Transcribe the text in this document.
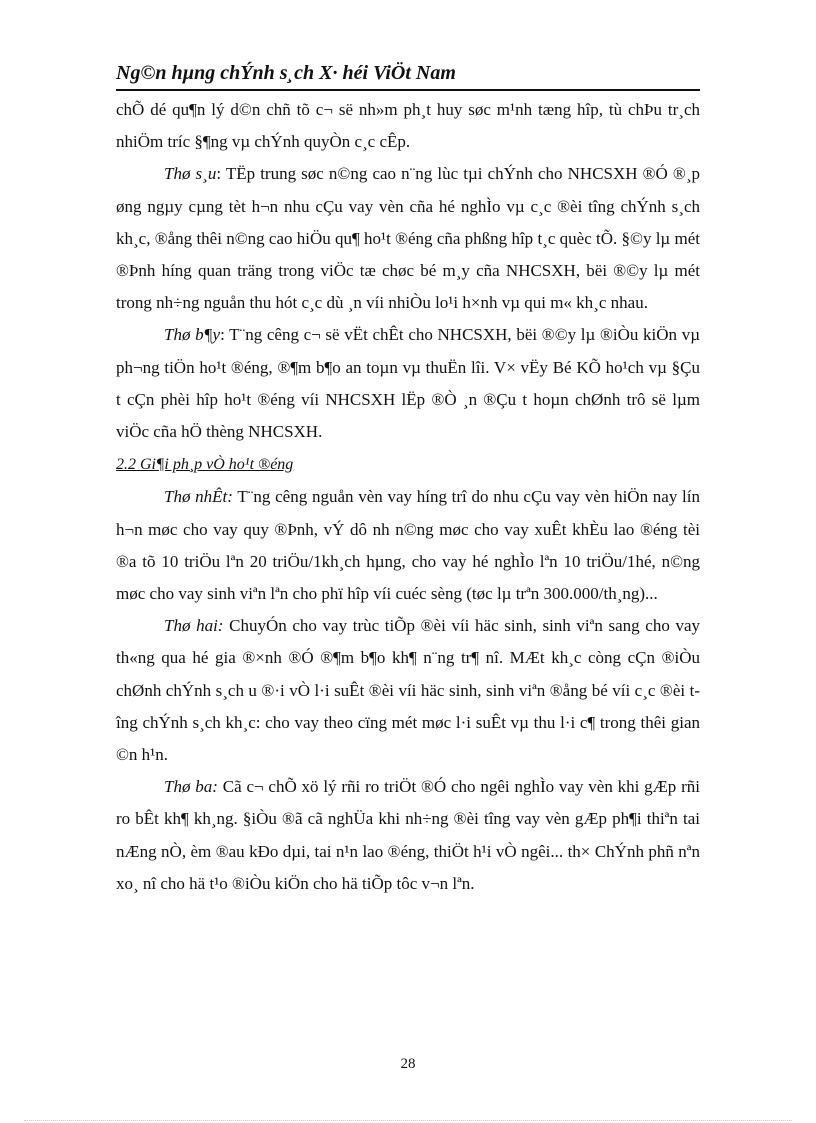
Ng©n hµng chÝnh s¸ch X· héi ViÖt Nam

chÕ dé qu¶n lý d©n chñ tõ c¬ së nh»m ph¸t huy søc m¹nh tæng hîp, tù chÞu tr¸ch nhiÖm tríc §¶ng vµ chÝnh quyÒn c¸c cÊp.

Thø s¸u: TËp trung søc n©ng cao n¨ng lùc tµi chÝnh cho NHCSXH ®Ó ®¸p øng ngµy cµng tèt h¬n nhu cÇu vay vèn cña hé nghÌo vµ c¸c ®èi tîng chÝnh s¸ch kh¸c, ®ång thêi n©ng cao hiÖu qu¶ ho¹t ®éng cña phßng hîp t¸c quèc tÕ. §©y lµ mét ®Þnh híng quan träng trong viÖc tæ chøc bé m¸y cña NHCSXH, bëi ®©y lµ mét trong nh÷ng nguån thu hót c¸c dù ¸n víi nhiÒu lo¹i h×nh vµ qui m« kh¸c nhau.

Thø b¶y: T¨ng cêng c¬ së vËt chÊt cho NHCSXH, bëi ®©y lµ ®iÒu kiÖn vµ ph¬ng tiÖn ho¹t ®éng, ®¶m b¶o an toµn vµ thuËn lîi. V× vËy Bé KÕ ho¹ch vµ §Çu t cÇn phèi hîp ho¹t ®éng víi NHCSXH lËp ®Ò ¸n ®Çu t hoµn chØnh trô së lµm viÖc cña hÖ thèng NHCSXH.

2.2 Gi¶i ph¸p vÒ ho¹t ®éng

Thø nhÊt: T¨ng cêng nguån vèn vay híng trî do nhu cÇu vay vèn hiÖn nay lín h¬n møc cho vay quy ®Þnh, vÝ dô nh n©ng møc cho vay xuÊt khÈu lao ®éng tèi ®a tõ 10 triÖu lªn 20 triÖu/1kh¸ch hµng, cho vay hé nghÌo lªn 10 triÖu/1hé, n©ng møc cho vay sinh viªn lªn cho phï hîp víi cuéc sèng (tøc lµ trªn 300.000/th¸ng)...

Thø hai: ChuyÓn cho vay trùc tiÕp ®èi víi häc sinh, sinh viªn sang cho vay th«ng qua hé gia ®×nh ®Ó ®¶m b¶o kh¶ n¨ng tr¶ nî. MÆt kh¸c còng cÇn ®iÒu chØnh chÝnh s¸ch u ®·i vÒ l·i suÊt ®èi víi häc sinh, sinh viªn ®ång bé víi c¸c ®èi tîng chÝnh s¸ch kh¸c: cho vay theo cïng mét møc l·i suÊt vµ thu l·i c¶ trong thêi gian ©n h¹n.

Thø ba: Cã c¬ chÕ xö lý rñi ro triÖt ®Ó cho ngêi nghÌo vay vèn khi gÆp rñi ro bÊt kh¶ kh¸ng. §iÒu ®ã cã nghÜa khi nh÷ng ®èi tîng vay vèn gÆp ph¶i thiªn tai nÆng nÒ, èm ®au kÐo dµi, tai n¹n lao ®éng, thiÖt h¹i vÒ ngêi... th× ChÝnh phñ nªn xo¸ nî cho hä t¹o ®iÒu kiÖn cho hä tiÕp tôc v¬n lªn.

28
